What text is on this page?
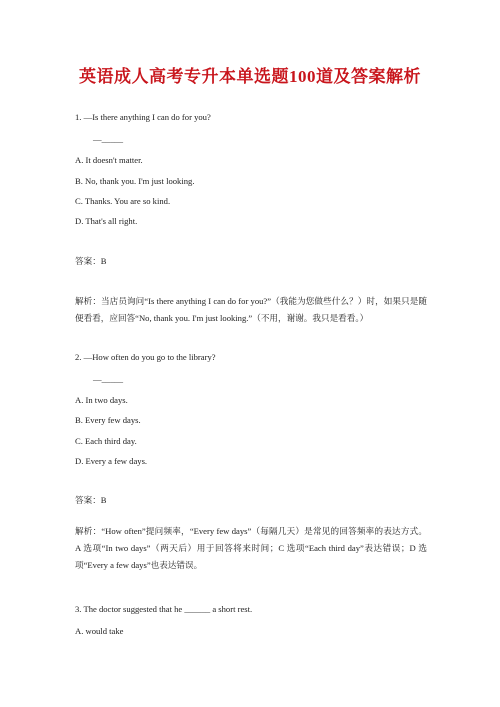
英语成人高考专升本单选题100道及答案解析
1. —Is there anything I can do for you?
—_____
A. It doesn't matter.
B. No, thank you. I'm just looking.
C. Thanks. You are so kind.
D. That's all right.
答案：B
解析：当店员询问“Is there anything I can do for you?”（我能为您做些什么？）时，如果只是随便看看，应回答“No, thank you. I'm just looking.”（不用，谢谢。我只是看看。）
2. —How often do you go to the library?
—_____
A. In two days.
B. Every few days.
C. Each third day.
D. Every a few days.
答案：B
解析：“How often”提问频率，“Every few days”（每隔几天）是常见的回答频率的表达方式。A 选项“In two days”（两天后）用于回答将来时间；C 选项“Each third day”表达错误；D 选项“Every a few days”也表达错误。
3. The doctor suggested that he ______ a short rest.
A. would take
